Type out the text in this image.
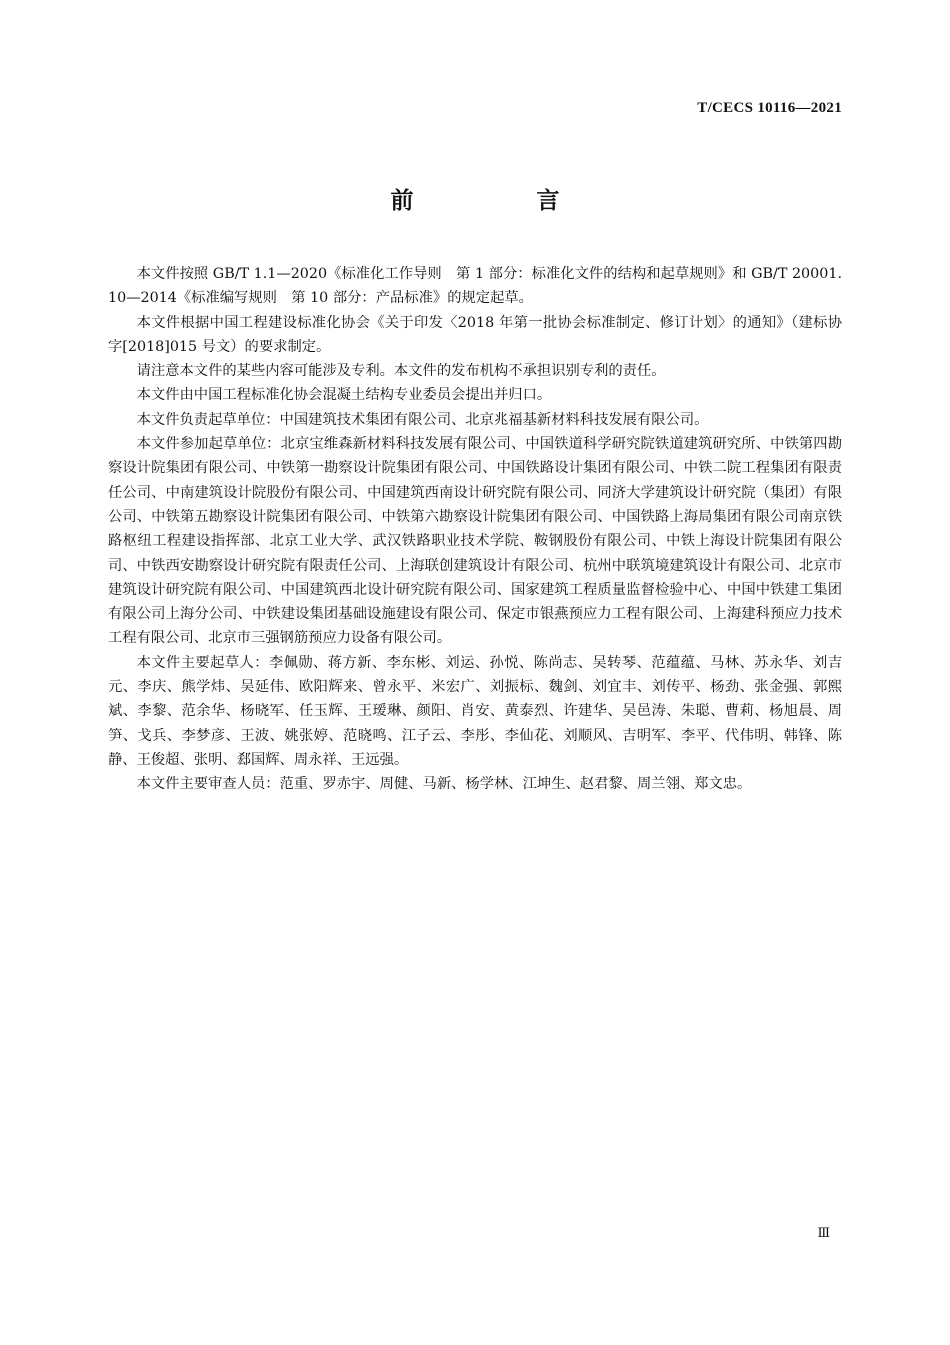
T/CECS 10116—2021
前　言

本文件按照 GB/T 1.1—2020《标准化工作导则　第 1 部分：标准化文件的结构和起草规则》和 GB/T 20001.10—2014《标准编写规则　第 10 部分：产品标准》的规定起草。

本文件根据中国工程建设标准化协会《关于印发〈2018 年第一批协会标准制定、修订计划〉的通知》（建标协字[2018]015 号文）的要求制定。

请注意本文件的某些内容可能涉及专利。本文件的发布机构不承担识别专利的责任。

本文件由中国工程标准化协会混凝土结构专业委员会提出并归口。

本文件负责起草单位：中国建筑技术集团有限公司、北京兆福基新材料科技发展有限公司。

本文件参加起草单位：北京宝维森新材料科技发展有限公司、中国铁道科学研究院铁道建筑研究所、中铁第四勘察设计院集团有限公司、中铁第一勘察设计院集团有限公司、中国铁路设计集团有限公司、中铁二院工程集团有限责任公司、中南建筑设计院股份有限公司、中国建筑西南设计研究院有限公司、同济大学建筑设计研究院（集团）有限公司、中铁第五勘察设计院集团有限公司、中铁第六勘察设计院集团有限公司、中国铁路上海局集团有限公司南京铁路枢纽工程建设指挥部、北京工业大学、武汉铁路职业技术学院、鞍钢股份有限公司、中铁上海设计院集团有限公司、中铁西安勘察设计研究院有限责任公司、上海联创建筑设计有限公司、杭州中联筑境建筑设计有限公司、北京市建筑设计研究院有限公司、中国建筑西北设计研究院有限公司、国家建筑工程质量监督检验中心、中国中铁建工集团有限公司上海分公司、中铁建设集团基础设施建设有限公司、保定市银燕预应力工程有限公司、上海建科预应力技术工程有限公司、北京市三强钢筋预应力设备有限公司。

本文件主要起草人：李佩勋、蒋方新、李东彬、刘运、孙悦、陈尚志、吴转琴、范蕴蕴、马林、苏永华、刘吉元、李庆、熊学炜、吴延伟、欧阳辉来、曾永平、米宏广、刘振标、魏剑、刘宜丰、刘传平、杨劲、张金强、郭熙斌、李黎、范余华、杨晓军、任玉辉、王瑷琳、颜阳、肖安、黄泰烈、许建华、吴邑涛、朱聪、曹莉、杨旭晨、周笋、戈兵、李梦彦、王波、姚张婷、范晓鸣、江子云、李彤、李仙花、刘顺风、吉明军、李平、代伟明、韩锋、陈静、王俊超、张明、郄国辉、周永祥、王远强。

本文件主要审查人员：范重、罗赤宇、周健、马新、杨学林、江坤生、赵君黎、周兰翎、郑文忠。

Ⅲ
